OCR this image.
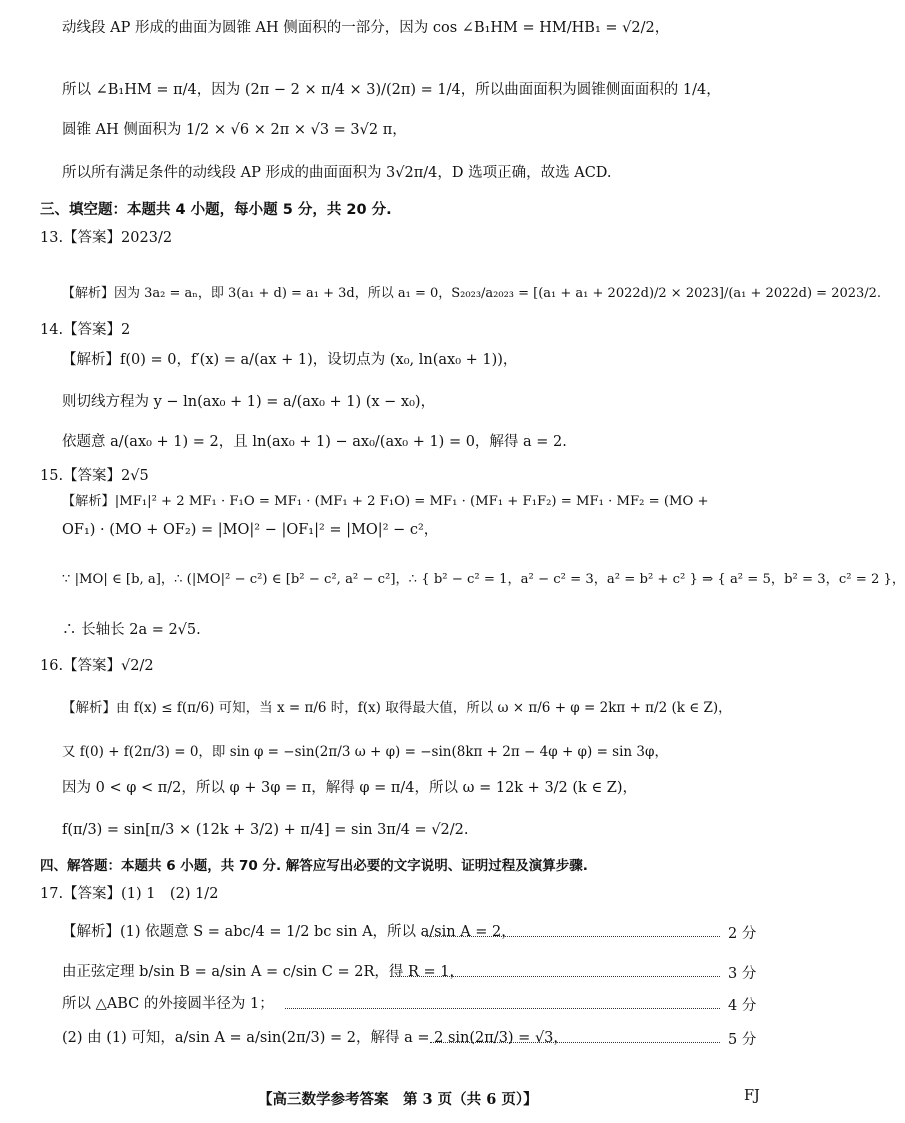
动线段 AP 形成的曲面为圆锥 AH 侧面积的一部分，因为 cos ∠B₁HM = HM/HB₁ = √2/2，
所以 ∠B₁HM = π/4，因为 (2π − 2 × π/4 × 3)/(2π) = 1/4，所以曲面面积为圆锥侧面面积的 1/4，
圆锥 AH 侧面积为 1/2 × √6 × 2π × √3 = 3√2 π，
所以所有满足条件的动线段 AP 形成的曲面面积为 3√2π/4，D 选项正确，故选 ACD.
三、填空题：本题共 4 小题，每小题 5 分，共 20 分.
13.【答案】2023/2
【解析】因为 3a₂ = aₙ，即 3(a₁ + d) = a₁ + 3d，所以 a₁ = 0，S₂₀₂₃/a₂₀₂₃ = [(a₁ + a₁ + 2022d)/2 × 2023]/(a₁ + 2022d) = 2023/2.
14.【答案】2
【解析】f(0) = 0，f′(x) = a/(ax + 1)，设切点为 (x₀, ln(ax₀ + 1))，
则切线方程为 y − ln(ax₀ + 1) = a/(ax₀ + 1) (x − x₀)，
依题意 a/(ax₀ + 1) = 2，且 ln(ax₀ + 1) − ax₀/(ax₀ + 1) = 0，解得 a = 2.
15.【答案】2√5
【解析】|MF₁|² + 2 MF₁ · F₁O = MF₁ · (MF₁ + 2 F₁O) = MF₁ · (MF₁ + F₁F₂) = MF₁ · MF₂ = (MO +
OF₁) · (MO + OF₂) = |MO|² − |OF₁|² = |MO|² − c²，
∵ |MO| ∈ [b, a]，∴ (|MO|² − c²) ∈ [b² − c², a² − c²]，∴ { b² − c² = 1，a² − c² = 3，a² = b² + c² } ⇒ { a² = 5，b² = 3，c² = 2 }，
∴ 长轴长 2a = 2√5.
16.【答案】√2/2
【解析】由 f(x) ≤ f(π/6) 可知，当 x = π/6 时，f(x) 取得最大值，所以 ω × π/6 + φ = 2kπ + π/2 (k ∈ Z)，
又 f(0) + f(2π/3) = 0，即 sin φ = −sin(2π/3 ω + φ) = −sin(8kπ + 2π − 4φ + φ) = sin 3φ，
因为 0 < φ < π/2，所以 φ + 3φ = π，解得 φ = π/4，所以 ω = 12k + 3/2 (k ∈ Z)，
f(π/3) = sin[π/3 × (12k + 3/2) + π/4] = sin 3π/4 = √2/2.
四、解答题：本题共 6 小题，共 70 分. 解答应写出必要的文字说明、证明过程及演算步骤.
17.【答案】(1) 1　(2) 1/2
【解析】(1) 依题意 S = abc/4 = 1/2 bc sin A，所以 a/sin A = 2，	2 分
由正弦定理 b/sin B = a/sin A = c/sin C = 2R，得 R = 1，	3 分
所以 △ABC 的外接圆半径为 1；	4 分
(2) 由 (1) 可知，a/sin A = a/sin(2π/3) = 2，解得 a = 2 sin(2π/3) = √3，	5 分
【高三数学参考答案　第 3 页（共 6 页）】	FJ
